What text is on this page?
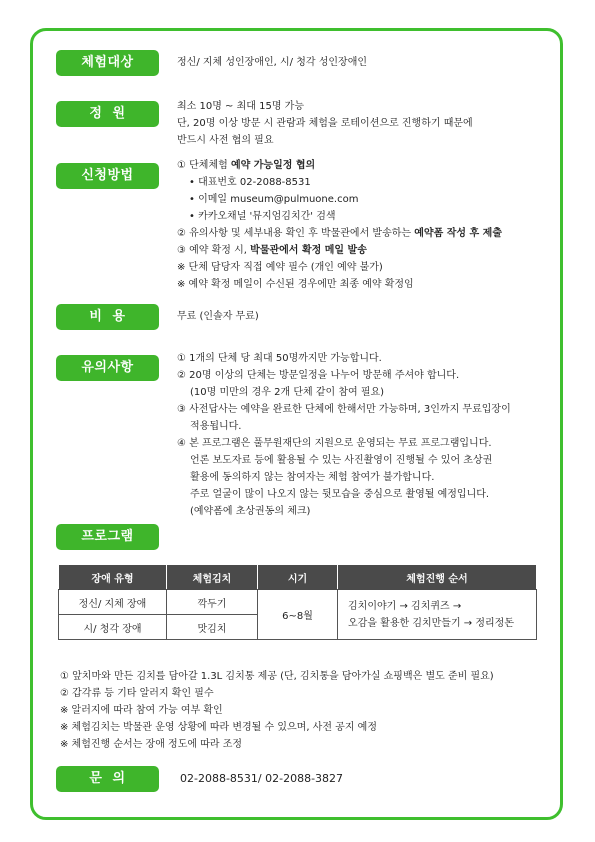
체험대상	정신/ 지체 성인장애인, 시/ 청각 성인장애인
정  원	최소 10명 ~ 최대 15명 가능
단, 20명 이상 방문 시 관람과 체험을 로테이션으로 진행하기 때문에
반드시 사전 협의 필요
신청방법
① 단체체험 예약 가능일정 협의
• 대표번호 02-2088-8531
• 이메일 museum@pulmuone.com
• 카카오채널 '뮤지엄김치간' 검색
② 유의사항 및 세부내용 확인 후 박물관에서 발송하는 예약폼 작성 후 제출
③ 예약 확정 시, 박물관에서 확정 메일 발송
※ 단체 담당자 직접 예약 필수 (개인 예약 불가)
※ 예약 확정 메일이 수신된 경우에만 최종 예약 확정임
비  용	무료 (인솔자 무료)
유의사항
① 1개의 단체 당 최대 50명까지만 가능합니다.
② 20명 이상의 단체는 방문일정을 나누어 방문해 주셔야 합니다.
(10명 미만의 경우 2개 단체 같이 참여 필요)
③ 사전답사는 예약을 완료한 단체에 한해서만 가능하며, 3인까지 무료입장이
적용됩니다.
④ 본 프로그램은 풀무원재단의 지원으로 운영되는 무료 프로그램입니다.
언론 보도자료 등에 활용될 수 있는 사진촬영이 진행될 수 있어 초상권
활용에 동의하지 않는 참여자는 체험 참여가 불가합니다.
주로 얼굴이 많이 나오지 않는 뒷모습을 중심으로 촬영될 예정입니다.
(예약폼에 초상권동의 체크)
프로그램
장애 유형	체험김치	시기	체험진행 순서
정신/ 지체 장애	깍두기	6~8월	김치이야기 → 김치퀴즈 →
오감을 활용한 김치만들기 → 정리정돈

시/ 청각 장애	맛김치		
① 앞치마와 만든 김치를 담아갈 1.3L 김치통 제공 (단, 김치통을 담아가실 쇼핑백은 별도 준비 필요)
② 갑각류 등 기타 알러지 확인 필수
※ 알러지에 따라 참여 가능 여부 확인
※ 체험김치는 박물관 운영 상황에 따라 변경될 수 있으며, 사전 공지 예정
※ 체험진행 순서는 장애 정도에 따라 조정
문  의	02-2088-8531/ 02-2088-3827
